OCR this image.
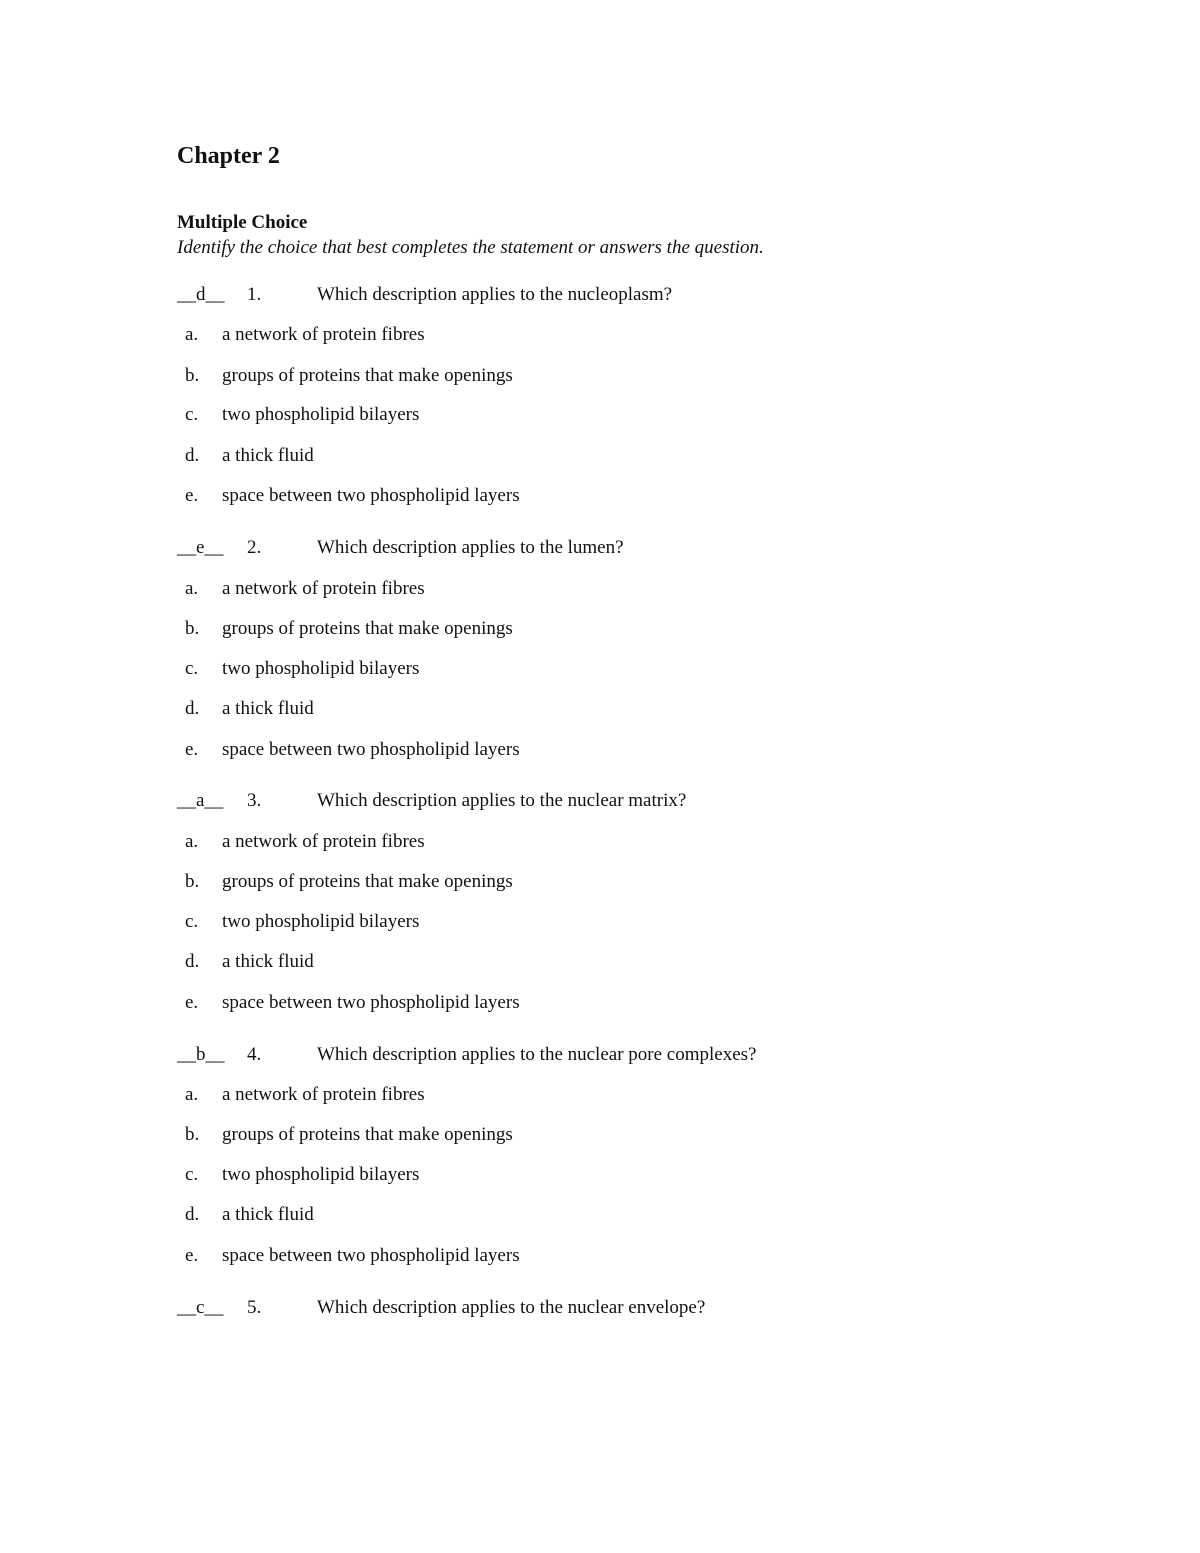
Chapter 2
Multiple Choice

Identify the choice that best completes the statement or answers the question.

__d__ 1.	Which description applies to the nucleoplasm?
a. a network of protein fibres
b. groups of proteins that make openings
c. two phospholipid bilayers
d. a thick fluid
e. space between two phospholipid layers
__e__ 2.	Which description applies to the lumen?
a. a network of protein fibres
b. groups of proteins that make openings
c. two phospholipid bilayers
d. a thick fluid
e. space between two phospholipid layers
__a__ 3.	Which description applies to the nuclear matrix?
a. a network of protein fibres
b. groups of proteins that make openings
c. two phospholipid bilayers
d. a thick fluid
e. space between two phospholipid layers
__b__ 4.	Which description applies to the nuclear pore complexes?
a. a network of protein fibres
b. groups of proteins that make openings
c. two phospholipid bilayers
d. a thick fluid
e. space between two phospholipid layers
__c__ 5.	Which description applies to the nuclear envelope?
